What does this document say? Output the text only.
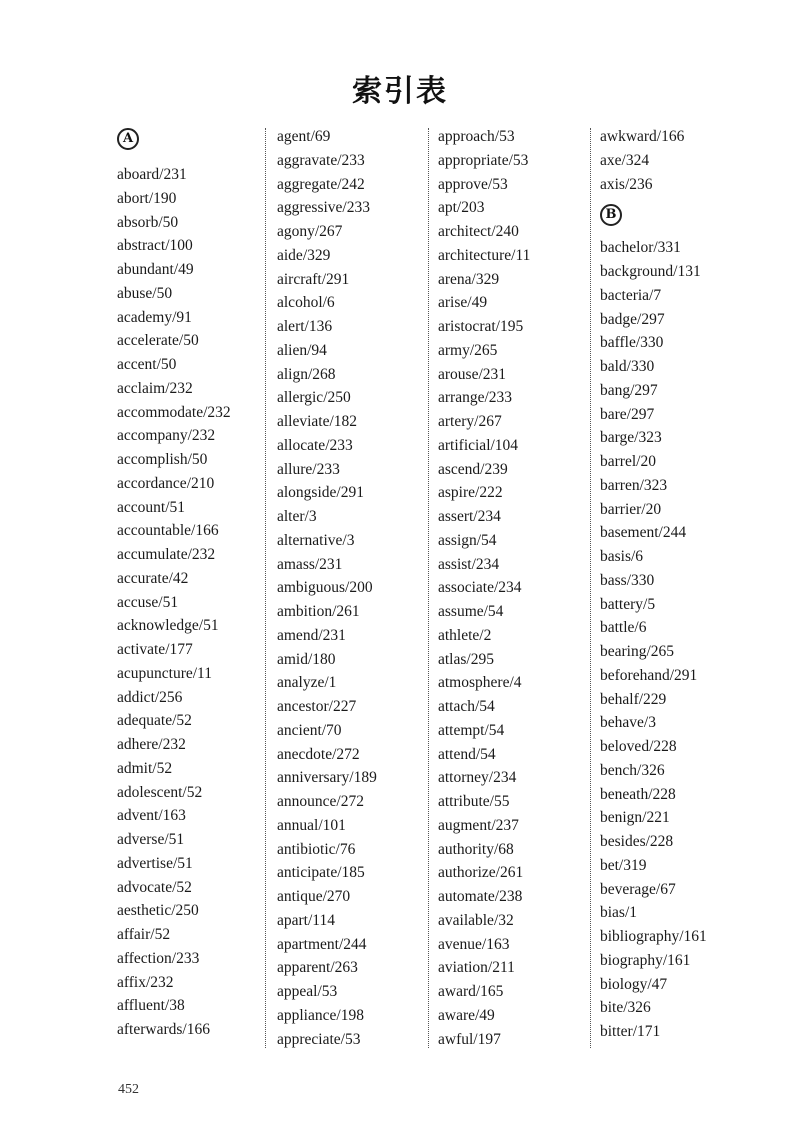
索引表
A
aboard/231
abort/190
absorb/50
abstract/100
abundant/49
abuse/50
academy/91
accelerate/50
accent/50
acclaim/232
accommodate/232
accompany/232
accomplish/50
accordance/210
account/51
accountable/166
accumulate/232
accurate/42
accuse/51
acknowledge/51
activate/177
acupuncture/11
addict/256
adequate/52
adhere/232
admit/52
adolescent/52
advent/163
adverse/51
advertise/51
advocate/52
aesthetic/250
affair/52
affection/233
affix/232
affluent/38
afterwards/166
agent/69
aggravate/233
aggregate/242
aggressive/233
agony/267
aide/329
aircraft/291
alcohol/6
alert/136
alien/94
align/268
allergic/250
alleviate/182
allocate/233
allure/233
alongside/291
alter/3
alternative/3
amass/231
ambiguous/200
ambition/261
amend/231
amid/180
analyze/1
ancestor/227
ancient/70
anecdote/272
anniversary/189
announce/272
annual/101
antibiotic/76
anticipate/185
antique/270
apart/114
apartment/244
apparent/263
appeal/53
appliance/198
appreciate/53
approach/53
appropriate/53
approve/53
apt/203
architect/240
architecture/11
arena/329
arise/49
aristocrat/195
army/265
arouse/231
arrange/233
artery/267
artificial/104
ascend/239
aspire/222
assert/234
assign/54
assist/234
associate/234
assume/54
athlete/2
atlas/295
atmosphere/4
attach/54
attempt/54
attend/54
attorney/234
attribute/55
augment/237
authority/68
authorize/261
automate/238
available/32
avenue/163
aviation/211
award/165
aware/49
awful/197
awkward/166
axe/324
axis/236
B
bachelor/331
background/131
bacteria/7
badge/297
baffle/330
bald/330
bang/297
bare/297
barge/323
barrel/20
barren/323
barrier/20
basement/244
basis/6
bass/330
battery/5
battle/6
bearing/265
beforehand/291
behalf/229
behave/3
beloved/228
bench/326
beneath/228
benign/221
besides/228
bet/319
beverage/67
bias/1
bibliography/161
biography/161
biology/47
bite/326
bitter/171
452
